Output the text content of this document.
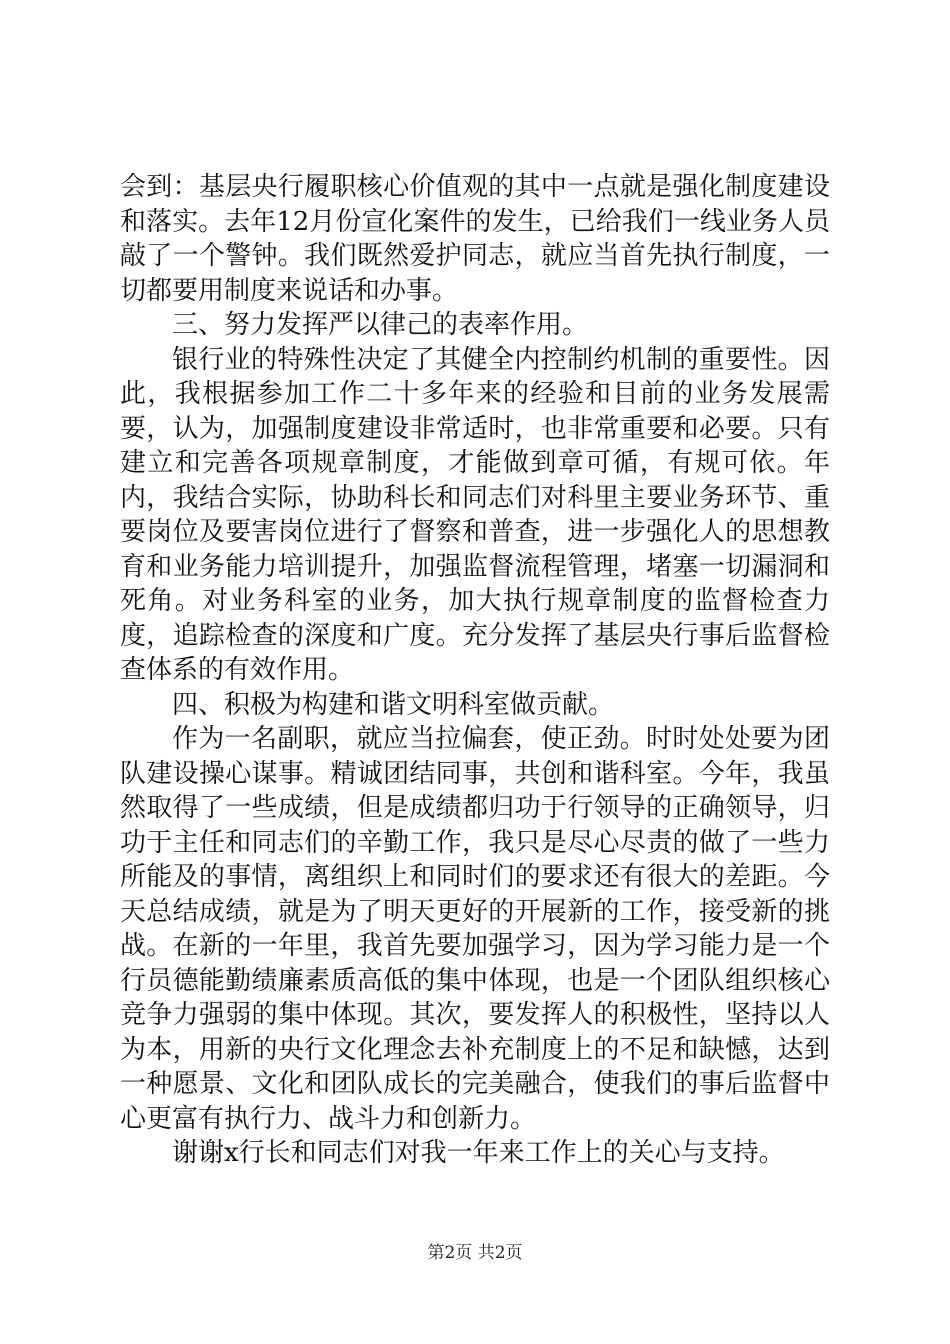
会到：基层央行履职核心价值观的其中一点就是强化制度建设和落实。去年12月份宣化案件的发生，已给我们一线业务人员敲了一个警钟。我们既然爱护同志，就应当首先执行制度，一切都要用制度来说话和办事。

三、努力发挥严以律己的表率作用。

银行业的特殊性决定了其健全内控制约机制的重要性。因此，我根据参加工作二十多年来的经验和目前的业务发展需要，认为，加强制度建设非常适时，也非常重要和必要。只有建立和完善各项规章制度，才能做到章可循，有规可依。年内，我结合实际，协助科长和同志们对科里主要业务环节、重要岗位及要害岗位进行了督察和普查，进一步强化人的思想教育和业务能力培训提升，加强监督流程管理，堵塞一切漏洞和死角。对业务科室的业务，加大执行规章制度的监督检查力度，追踪检查的深度和广度。充分发挥了基层央行事后监督检查体系的有效作用。

四、积极为构建和谐文明科室做贡献。

作为一名副职，就应当拉偏套，使正劲。时时处处要为团队建设操心谋事。精诚团结同事，共创和谐科室。今年，我虽然取得了一些成绩，但是成绩都归功于行领导的正确领导，归功于主任和同志们的辛勤工作，我只是尽心尽责的做了一些力所能及的事情，离组织上和同时们的要求还有很大的差距。今天总结成绩，就是为了明天更好的开展新的工作，接受新的挑战。在新的一年里，我首先要加强学习，因为学习能力是一个行员德能勤绩廉素质高低的集中体现，也是一个团队组织核心竞争力强弱的集中体现。其次，要发挥人的积极性，坚持以人为本，用新的央行文化理念去补充制度上的不足和缺憾，达到一种愿景、文化和团队成长的完美融合，使我们的事后监督中心更富有执行力、战斗力和创新力。

谢谢x行长和同志们对我一年来工作上的关心与支持。

第2页 共2页
